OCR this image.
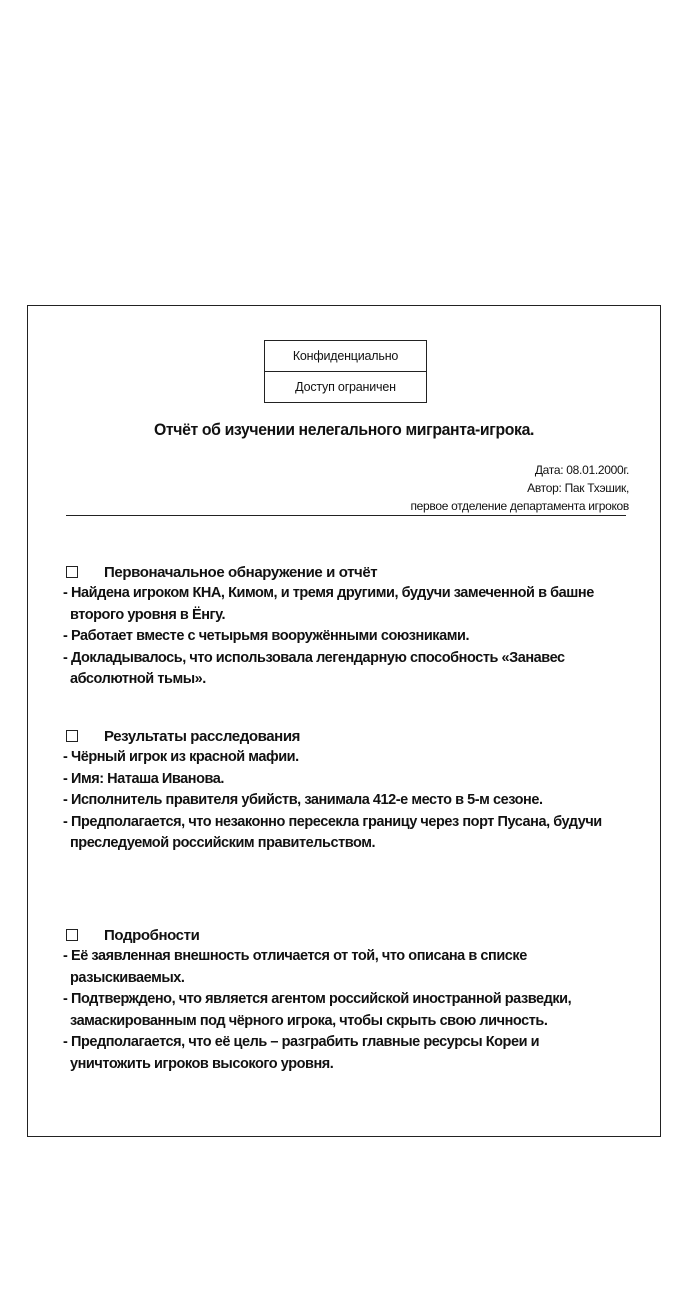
Конфиденциально
Доступ ограничен
Отчёт об изучении нелегального мигранта-игрока.
Дата: 08.01.2000г.
Автор: Пак Тхэшик,
первое отделение департамента игроков
Первоначальное обнаружение и отчёт
- Найдена игроком КНА, Кимом, и тремя другими, будучи замеченной в башне второго уровня в Ёнгу.
- Работает вместе с четырьмя вооружёнными союзниками.
- Докладывалось, что использовала легендарную способность «Занавес абсолютной тьмы».
Результаты расследования
- Чёрный игрок из красной мафии.
- Имя: Наташа Иванова.
- Исполнитель правителя убийств, занимала 412-е место в 5-м сезоне.
- Предполагается, что незаконно пересекла границу через порт Пусана, будучи преследуемой российским правительством.
Подробности
- Её заявленная внешность отличается от той, что описана в списке разыскиваемых.
- Подтверждено, что является агентом российской иностранной разведки, замаскированным под чёрного игрока, чтобы скрыть свою личность.
- Предполагается, что её цель – разграбить главные ресурсы Кореи и уничтожить игроков высокого уровня.
